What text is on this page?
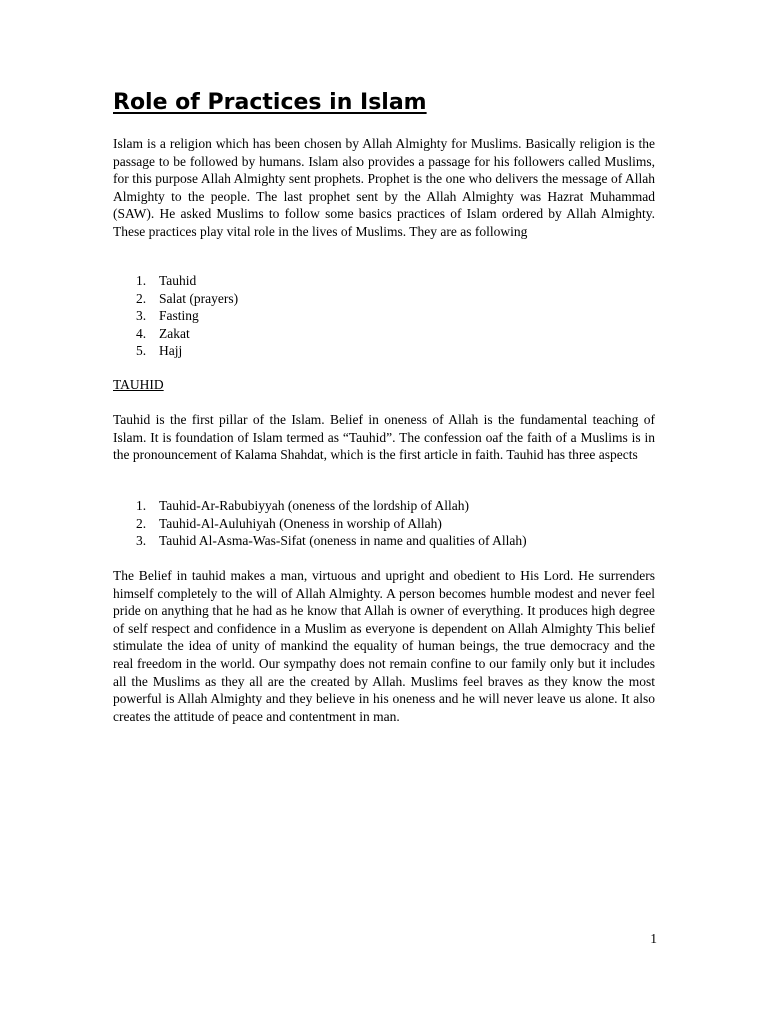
Role of Practices in Islam

Islam is a religion which has been chosen by Allah Almighty for Muslims. Basically religion is the passage to be followed by humans. Islam also provides a passage for his followers called Muslims, for this purpose Allah Almighty sent prophets. Prophet is the one who delivers the message of Allah Almighty to the people. The last prophet sent by the Allah Almighty was Hazrat Muhammad (SAW). He asked Muslims to follow some basics practices of Islam ordered by Allah Almighty. These practices play vital role in the lives of Muslims. They are as following

1. Tauhid
2. Salat (prayers)
3. Fasting
4. Zakat
5. Hajj
TAUHID

Tauhid is the first pillar of the Islam. Belief in oneness of Allah is the fundamental teaching of Islam. It is foundation of Islam termed as “Tauhid”. The confession oaf the faith of a Muslims is in the pronouncement of Kalama Shahdat, which is the first article in faith. Tauhid has three aspects

1. Tauhid-Ar-Rabubiyyah (oneness of the lordship of Allah)
2. Tauhid-Al-Auluhiyah (Oneness in worship of Allah)
3. Tauhid Al-Asma-Was-Sifat (oneness in name and qualities of Allah)

The Belief in tauhid makes a man, virtuous and upright and obedient to His Lord. He surrenders himself completely to the will of Allah Almighty. A person becomes humble modest and never feel pride on anything that he had as he know that Allah is owner of everything. It produces high degree of self respect and confidence in a Muslim as everyone is dependent on Allah Almighty This belief stimulate the idea of unity of mankind the equality of human beings, the true democracy and the real freedom in the world. Our sympathy does not remain confine to our family only but it includes all the Muslims as they all are the created by Allah. Muslims feel braves as they know the most powerful is Allah Almighty and they believe in his oneness and he will never leave us alone. It also creates the attitude of peace and contentment in man.

1
